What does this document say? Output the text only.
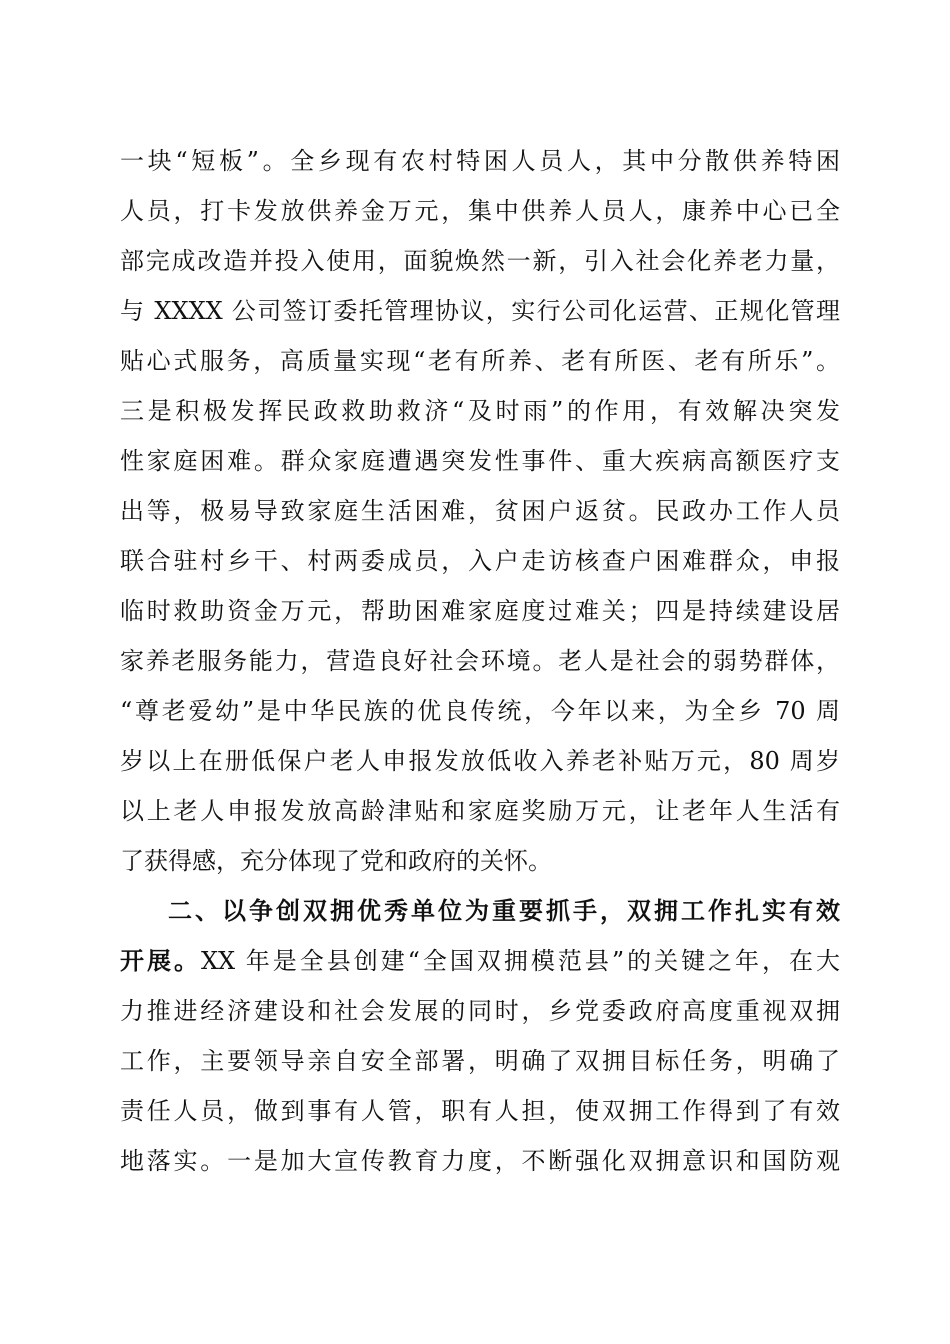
一块“短板”。全乡现有农村特困人员人，其中分散供养特困
人员，打卡发放供养金万元，集中供养人员人，康养中心已全
部完成改造并投入使用，面貌焕然一新，引入社会化养老力量，
与 XXXX 公司签订委托管理协议，实行公司化运营、正规化管理
贴心式服务，高质量实现“老有所养、老有所医、老有所乐”。
三是积极发挥民政救助救济“及时雨”的作用，有效解决突发
性家庭困难。群众家庭遭遇突发性事件、重大疾病高额医疗支
出等，极易导致家庭生活困难，贫困户返贫。民政办工作人员
联合驻村乡干、村两委成员，入户走访核查户困难群众，申报
临时救助资金万元，帮助困难家庭度过难关；四是持续建设居
家养老服务能力，营造良好社会环境。老人是社会的弱势群体，
“尊老爱幼”是中华民族的优良传统，今年以来，为全乡 70 周
岁以上在册低保户老人申报发放低收入养老补贴万元，80 周岁
以上老人申报发放高龄津贴和家庭奖励万元，让老年人生活有
了获得感，充分体现了党和政府的关怀。
二、以争创双拥优秀单位为重要抓手，双拥工作扎实有效
开展。XX 年是全县创建“全国双拥模范县”的关键之年，在大
力推进经济建设和社会发展的同时，乡党委政府高度重视双拥
工作，主要领导亲自安全部署，明确了双拥目标任务，明确了
责任人员，做到事有人管，职有人担，使双拥工作得到了有效
地落实。一是加大宣传教育力度，不断强化双拥意识和国防观
